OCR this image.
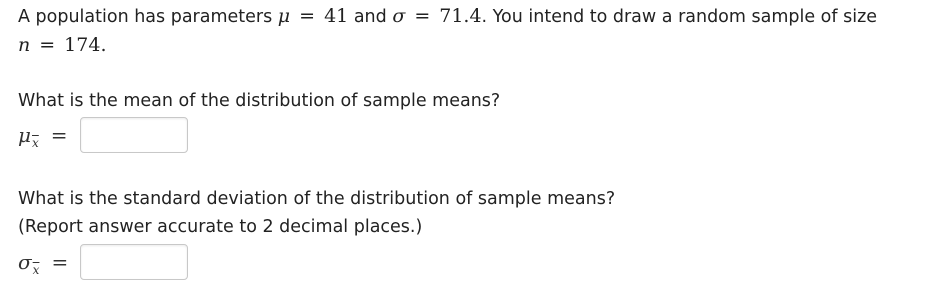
A population has parameters μ = 41 and σ = 71.4. You intend to draw a random sample of size
n = 174.
What is the mean of the distribution of sample means?
μ $\overline{x}$ =
What is the standard deviation of the distribution of sample means?
(Report answer accurate to 2 decimal places.)
σ $\overline{x}$ =
